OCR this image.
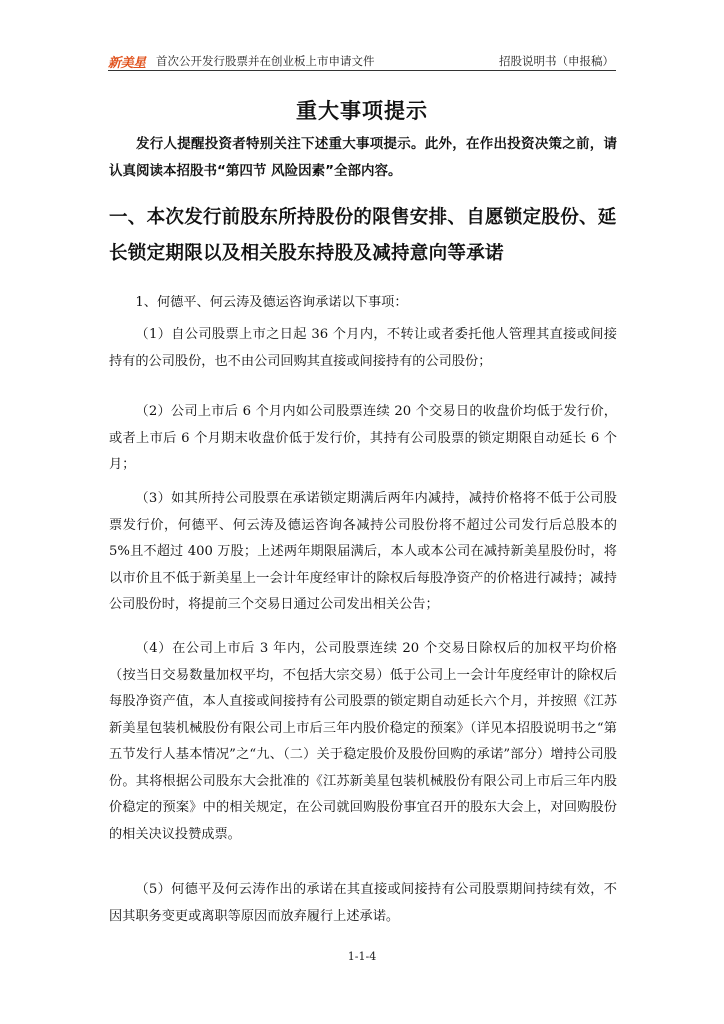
新美星 首次公开发行股票并在创业板上市申请文件	招股说明书（申报稿）
重大事项提示
发行人提醒投资者特别关注下述重大事项提示。此外，在作出投资决策之前，请认真阅读本招股书“第四节 风险因素”全部内容。
一、本次发行前股东所持股份的限售安排、自愿锁定股份、延长锁定期限以及相关股东持股及减持意向等承诺
1、何德平、何云涛及德运咨询承诺以下事项：
（1）自公司股票上市之日起 36 个月内，不转让或者委托他人管理其直接或间接持有的公司股份，也不由公司回购其直接或间接持有的公司股份；
（2）公司上市后 6 个月内如公司股票连续 20 个交易日的收盘价均低于发行价，或者上市后 6 个月期末收盘价低于发行价，其持有公司股票的锁定期限自动延长 6 个月；
（3）如其所持公司股票在承诺锁定期满后两年内减持，减持价格将不低于公司股票发行价，何德平、何云涛及德运咨询各减持公司股份将不超过公司发行后总股本的 5%且不超过 400 万股；上述两年期限届满后，本人或本公司在减持新美星股份时，将以市价且不低于新美星上一会计年度经审计的除权后每股净资产的价格进行减持；减持公司股份时，将提前三个交易日通过公司发出相关公告；
（4）在公司上市后 3 年内，公司股票连续 20 个交易日除权后的加权平均价格（按当日交易数量加权平均，不包括大宗交易）低于公司上一会计年度经审计的除权后每股净资产值，本人直接或间接持有公司股票的锁定期自动延长六个月，并按照《江苏新美星包装机械股份有限公司上市后三年内股价稳定的预案》（详见本招股说明书之“第五节发行人基本情况”之“九、（二）关于稳定股价及股份回购的承诺”部分）增持公司股份。其将根据公司股东大会批准的《江苏新美星包装机械股份有限公司上市后三年内股价稳定的预案》中的相关规定，在公司就回购股份事宜召开的股东大会上，对回购股份的相关决议投赞成票。
（5）何德平及何云涛作出的承诺在其直接或间接持有公司股票期间持续有效，不因其职务变更或离职等原因而放弃履行上述承诺。
1-1-4
